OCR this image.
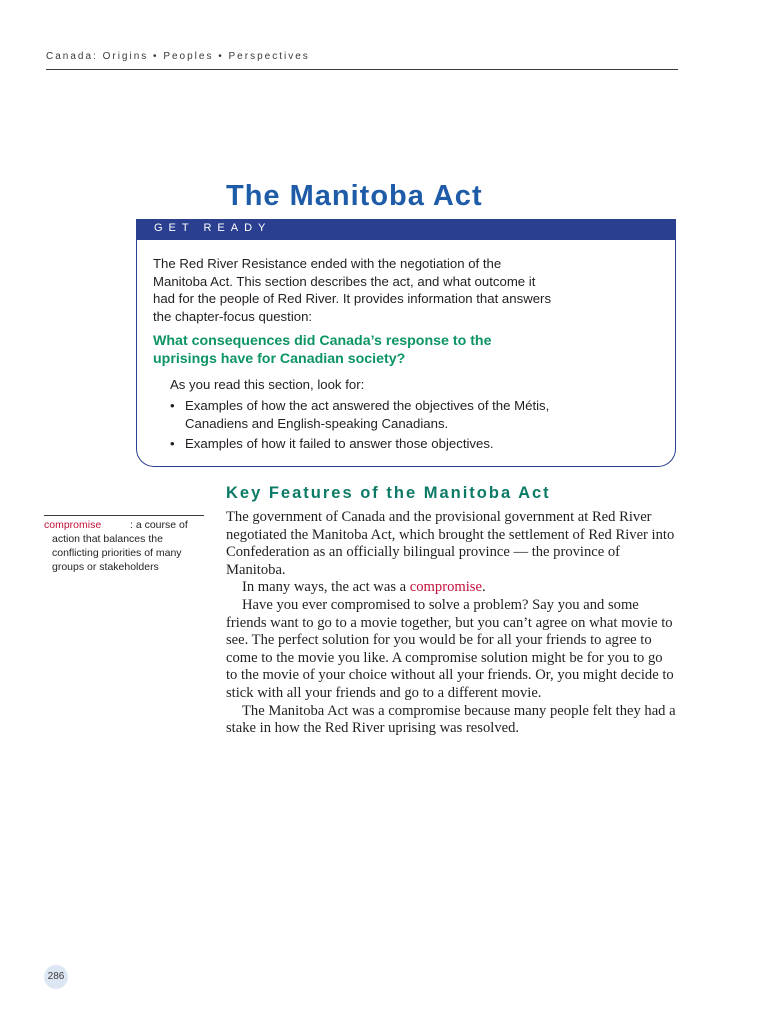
Canada: Origins • Peoples • Perspectives
The Manitoba Act
GET READY

The Red River Resistance ended with the negotiation of the Manitoba Act. This section describes the act, and what outcome it had for the people of Red River. It provides information that answers the chapter-focus question:

What consequences did Canada’s response to the uprisings have for Canadian society?

As you read this section, look for:

• Examples of how the act answered the objectives of the Métis, Canadiens and English-speaking Canadians.
• Examples of how it failed to answer those objectives.
Key Features of the Manitoba Act
compromise	: a course of action that balances the conflicting priorities of many groups or stakeholders

The government of Canada and the provisional government at Red River negotiated the Manitoba Act, which brought the settlement of Red River into Confederation as an officially bilingual province — the province of Manitoba.

In many ways, the act was a compromise.

Have you ever compromised to solve a problem? Say you and some friends want to go to a movie together, but you can’t agree on what movie to see. The perfect solution for you would be for all your friends to agree to come to the movie you like. A compromise solution might be for you to go to the movie of your choice without all your friends. Or, you might decide to stick with all your friends and go to a different movie.

The Manitoba Act was a compromise because many people felt they had a stake in how the Red River uprising was resolved.

286
